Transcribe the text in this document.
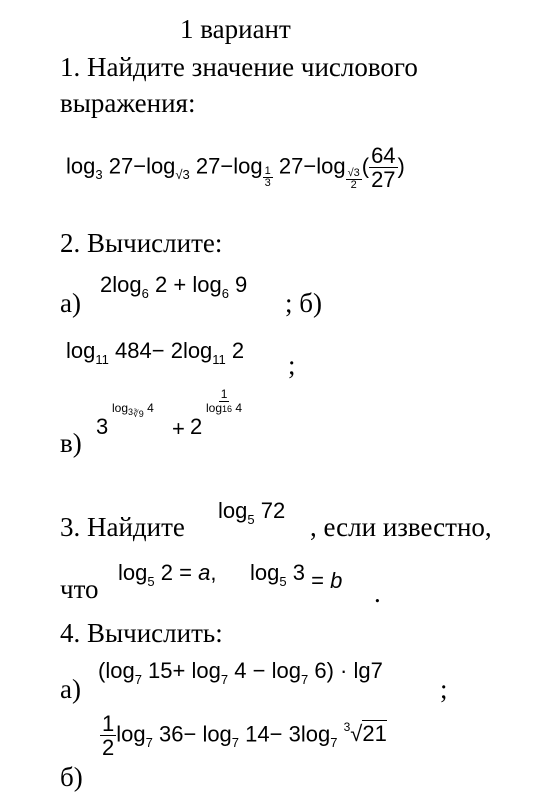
1 вариант
1. Найдите значение числового
выражения:
$\log_3 27-\log_{√3}$ $27-\log \frac{1}{3} 27-\log$
$\frac{√3}{2}$
( $\frac{64}{27}$ )
2. Вычислите:
а)
$2\log_6$ $2 + \log_6 9$
; б)
$\log_{11} 484- 2\log_{11}$ 2 ;
в)
3
$\log_{3∛9} 4$
+ 2
$\frac{1}{\log 16 4}$
3. Найдите
$\log_5 72$
, если известно,
что
$\log_5 2 = a$, $\log_5 3 = b$ .
4. Вычислить:
а)
($\log_7$ $15+ \log_7 4 - \log_7 6) \cdot \lg 7$
;
б)
$\frac{1}{2} \log_7 36- \log_7 14- 3\log_7$ $^3$√21
